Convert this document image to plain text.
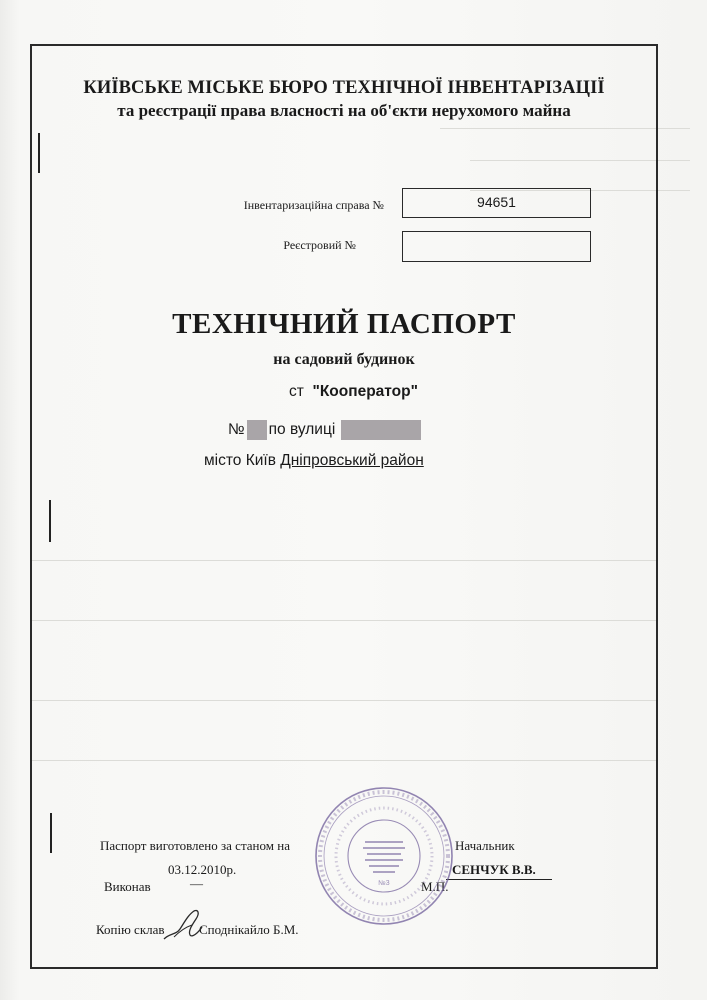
КИЇВСЬКЕ МІСЬКЕ БЮРО ТЕХНІЧНОЇ ІНВЕНТАРІЗАЦІЇ
та реєстрації права власності на об'єкти нерухомого майна
Інвентаризаційна справа №	94651
Реєстровий №
ТЕХНІЧНИЙ ПАСПОРТ
на садовий будинок
ст "Кооператор"
№ по вулиці
місто Київ Дніпровський район
Паспорт виготовлено за станом на
03.12.2010р.
Виконав	—
Копію склав	Споднікайло Б.М.
Начальник
СЕНЧУК В.В.
М.П.
№3
